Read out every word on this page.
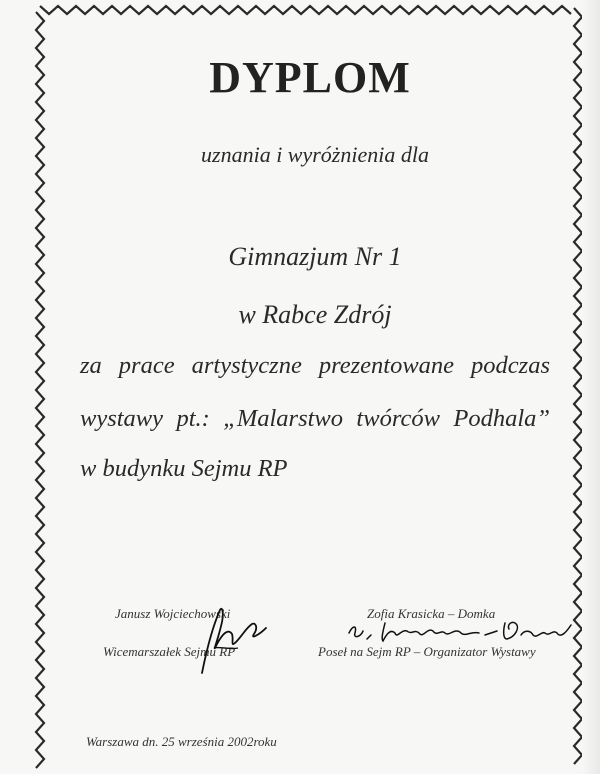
DYPLOM
uznania i wyróżnienia dla
Gimnazjum Nr 1
w Rabce Zdrój
za prace artystyczne prezentowane podczas
wystawy pt.: „Malarstwo twórców Podhala”
w budynku Sejmu RP
Janusz Wojciechowski
Wicemarszałek Sejmu RP
Zofia Krasicka – Domka
Poseł na Sejm RP – Organizator Wystawy
Warszawa dn. 25 września 2002roku
